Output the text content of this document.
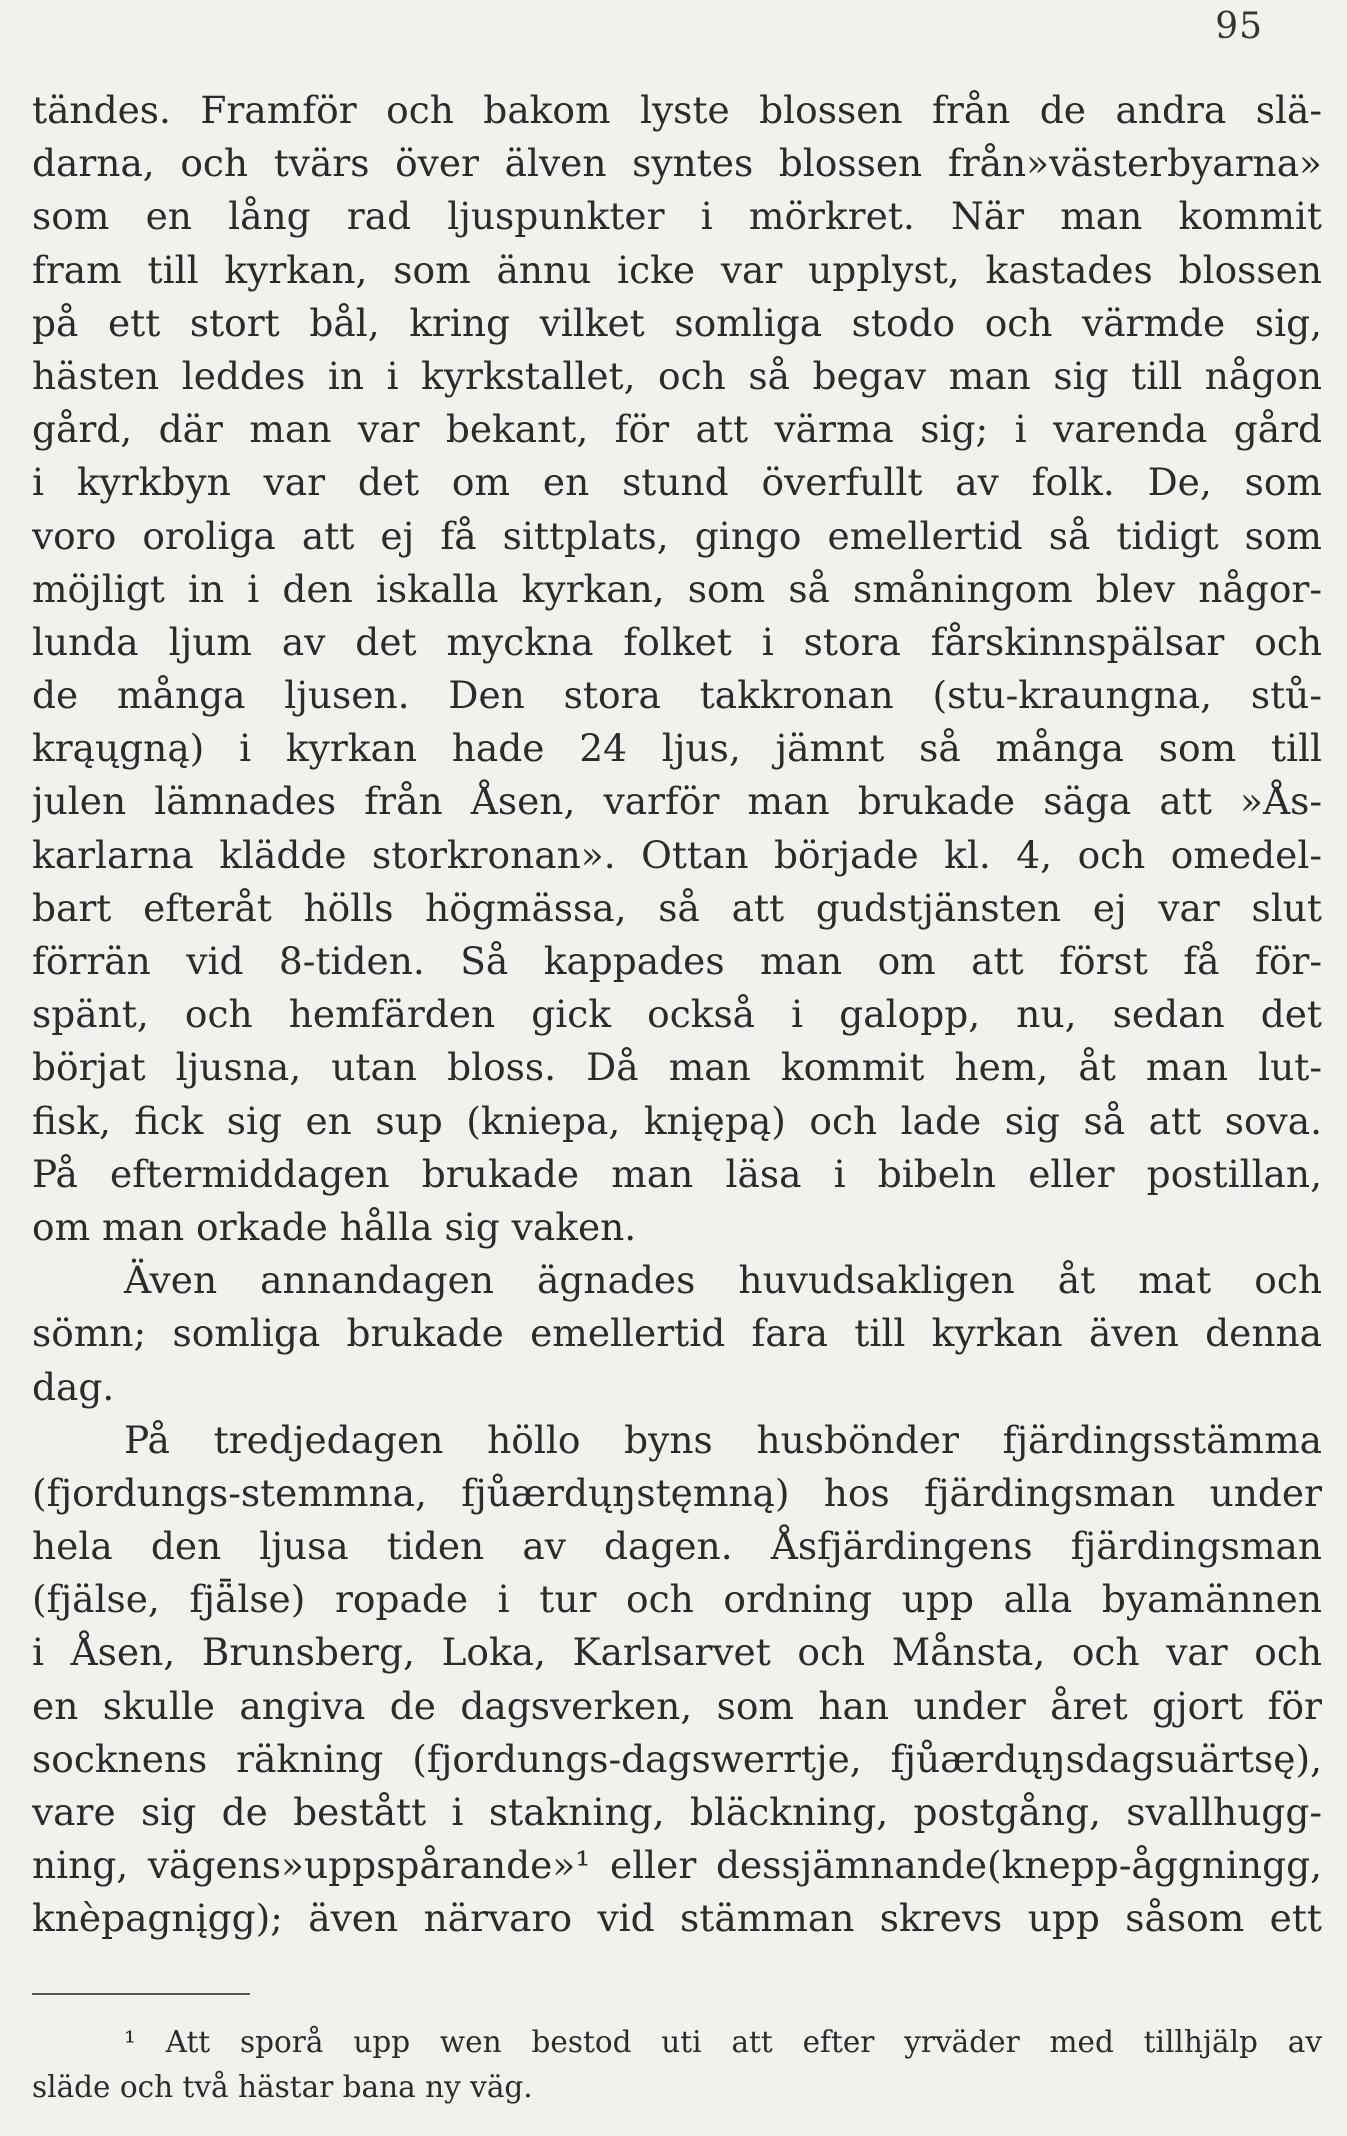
95
tändes. Framför och bakom lyste blossen från de andra slä-
darna, och tvärs över älven syntes blossen från»västerbyarna»
som en lång rad ljuspunkter i mörkret. När man kommit
fram till kyrkan, som ännu icke var upplyst, kastades blossen
på ett stort bål, kring vilket somliga stodo och värmde sig,
hästen leddes in i kyrkstallet, och så begav man sig till någon
gård, där man var bekant, för att värma sig; i varenda gård
i kyrkbyn var det om en stund överfullt av folk. De, som
voro oroliga att ej få sittplats, gingo emellertid så tidigt som
möjligt in i den iskalla kyrkan, som så småningom blev någor-
lunda ljum av det myckna folket i stora fårskinnspälsar och
de många ljusen. Den stora takkronan (stu-kraungna, stů-
krąųgną) i kyrkan hade 24 ljus, jämnt så många som till
julen lämnades från Åsen, varför man brukade säga att »Ås-
karlarna klädde storkronan». Ottan började kl. 4, och omedel-
bart efteråt hölls högmässa, så att gudstjänsten ej var slut
förrän vid 8-tiden. Så kappades man om att först få för-
spänt, och hemfärden gick också i galopp, nu, sedan det
börjat ljusna, utan bloss. Då man kommit hem, åt man lut-
fisk, fick sig en sup (kniepa, knįępą) och lade sig så att sova.
På eftermiddagen brukade man läsa i bibeln eller postillan,
om man orkade hålla sig vaken.
Även annandagen ägnades huvudsakligen åt mat och
sömn; somliga brukade emellertid fara till kyrkan även denna
dag.
På tredjedagen höllo byns husbönder fjärdingsstämma
(fjordungs-stemmna, fjůærdųŋstęmną) hos fjärdingsman under
hela den ljusa tiden av dagen. Åsfjärdingens fjärdingsman
(fjälse, fjǟlse) ropade i tur och ordning upp alla byamännen
i Åsen, Brunsberg, Loka, Karlsarvet och Månsta, och var och
en skulle angiva de dagsverken, som han under året gjort för
socknens räkning (fjordungs-dagswerrtje, fjůærdųŋsdagsuärtsę),
vare sig de bestått i stakning, bläckning, postgång, svallhugg-
ning, vägens»uppspårande»¹ eller dessjämnande(knepp-åggningg,
knèpagnįgg); även närvaro vid stämman skrevs upp såsom ett
¹ Att sporå upp wen bestod uti att efter yrväder med tillhjälp av
släde och två hästar bana ny väg.
